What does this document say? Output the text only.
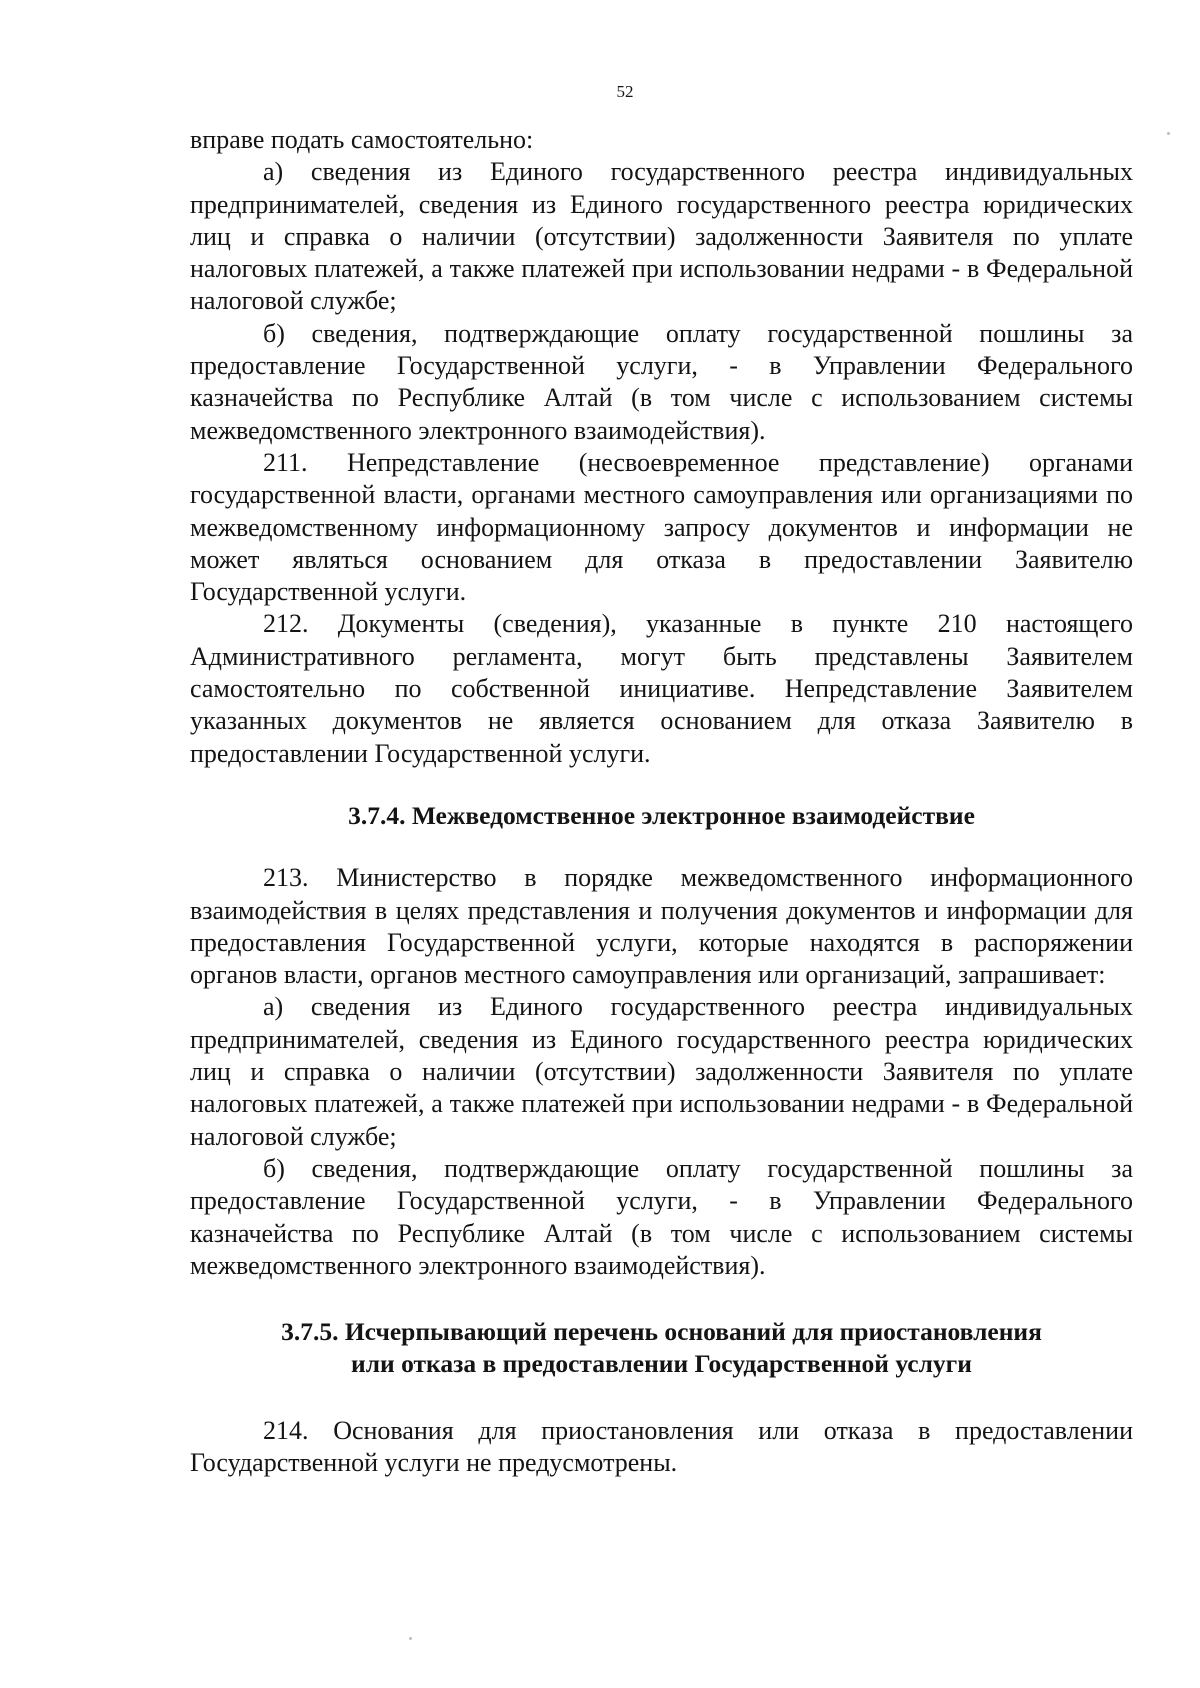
52

вправе подать самостоятельно:

а) сведения из Единого государственного реестра индивидуальных предпринимателей, сведения из Единого государственного реестра юридических лиц и справка о наличии (отсутствии) задолженности Заявителя по уплате налоговых платежей, а также платежей при использовании недрами - в Федеральной налоговой службе;

б) сведения, подтверждающие оплату государственной пошлины за предоставление Государственной услуги, - в Управлении Федерального казначейства по Республике Алтай (в том числе с использованием системы межведомственного электронного взаимодействия).

211. Непредставление (несвоевременное представление) органами государственной власти, органами местного самоуправления или организациями по межведомственному информационному запросу документов и информации не может являться основанием для отказа в предоставлении Заявителю Государственной услуги.

212. Документы (сведения), указанные в пункте 210 настоящего Административного регламента, могут быть представлены Заявителем самостоятельно по собственной инициативе. Непредставление Заявителем указанных документов не является основанием для отказа Заявителю в предоставлении Государственной услуги.

3.7.4. Межведомственное электронное взаимодействие

213. Министерство в порядке межведомственного информационного взаимодействия в целях представления и получения документов и информации для предоставления Государственной услуги, которые находятся в распоряжении органов власти, органов местного самоуправления или организаций, запрашивает:

а) сведения из Единого государственного реестра индивидуальных предпринимателей, сведения из Единого государственного реестра юридических лиц и справка о наличии (отсутствии) задолженности Заявителя по уплате налоговых платежей, а также платежей при использовании недрами - в Федеральной налоговой службе;

б) сведения, подтверждающие оплату государственной пошлины за предоставление Государственной услуги, - в Управлении Федерального казначейства по Республике Алтай (в том числе с использованием системы межведомственного электронного взаимодействия).

3.7.5. Исчерпывающий перечень оснований для приостановления
или отказа в предоставлении Государственной услуги

214. Основания для приостановления или отказа в предоставлении Государственной услуги не предусмотрены.
